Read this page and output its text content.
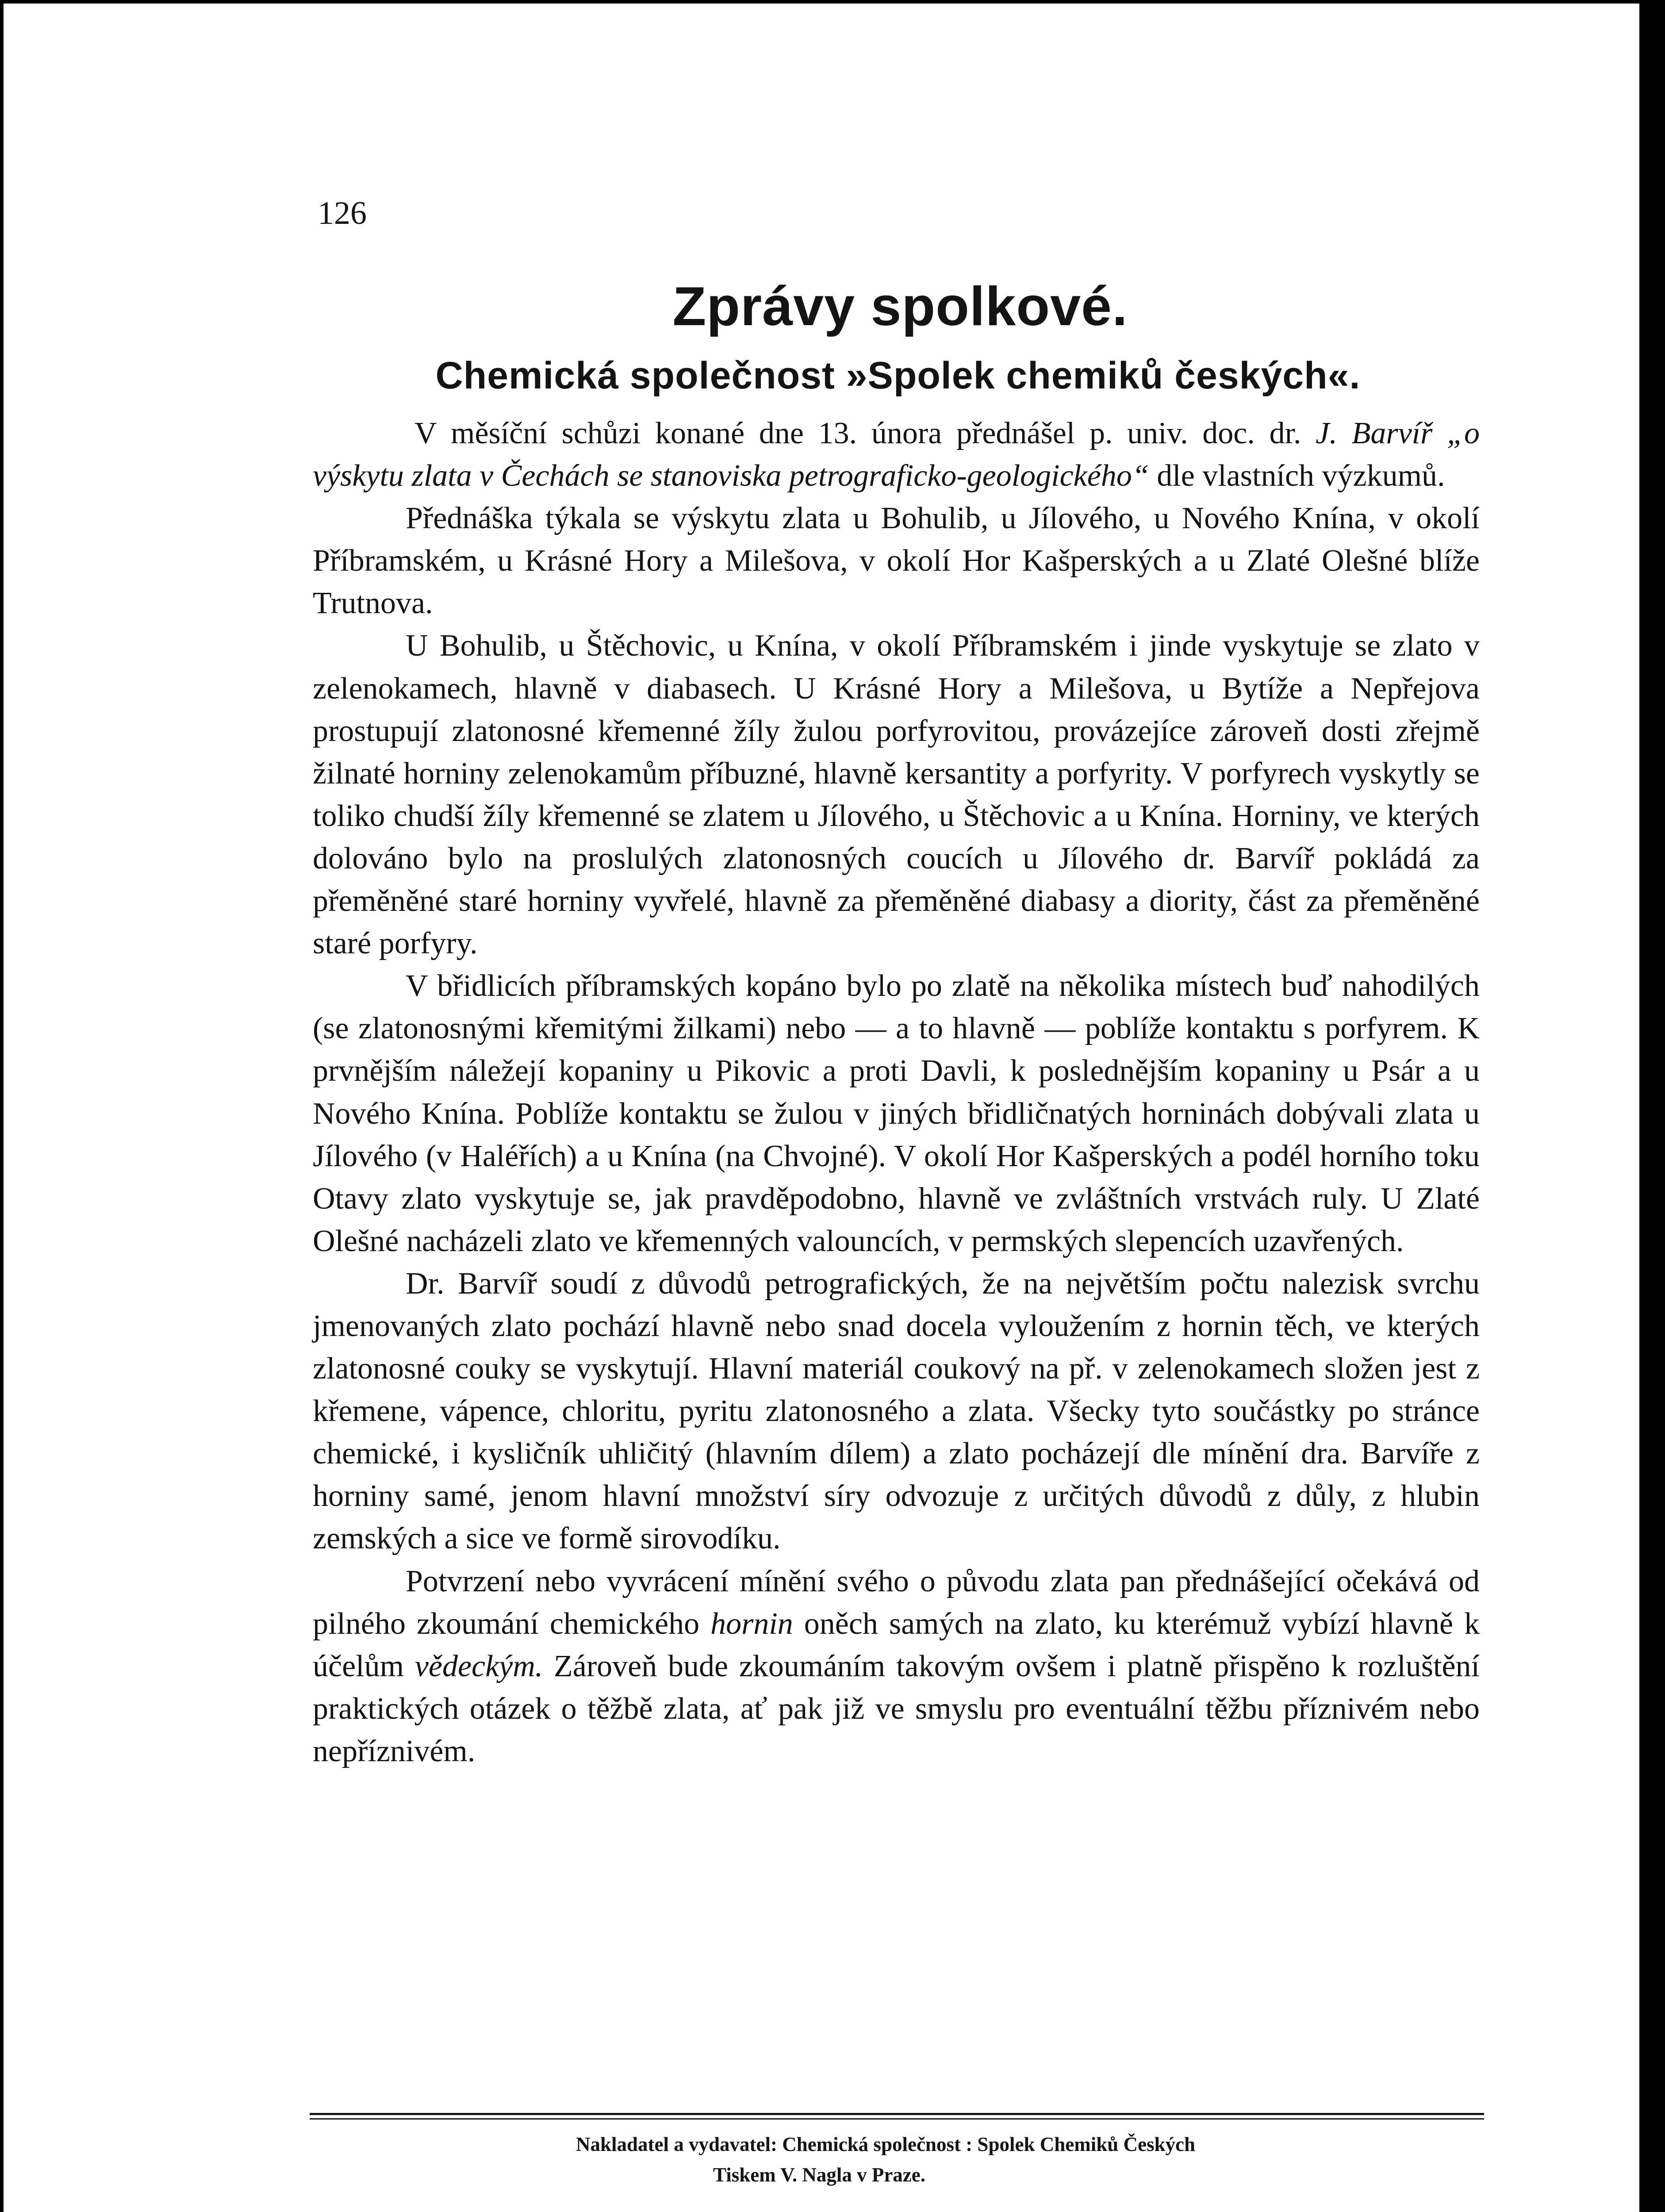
126
Zprávy spolkové.
Chemická společnost »Spolek chemiků českých«.

V měsíční schůzi konané dne 13. února přednášel p. univ. doc. dr. J. Barvíř „o výskytu zlata v Čechách se stanoviska petrograficko-geologického“ dle vlastních výzkumů.

Přednáška týkala se výskytu zlata u Bohulib, u Jílového, u Nového Knína, v okolí Příbramském, u Krásné Hory a Milešova, v okolí Hor Kašperských a u Zlaté Olešné blíže Trutnova.

U Bohulib, u Štěchovic, u Knína, v okolí Příbramském i jinde vyskytuje se zlato v zelenokamech, hlavně v diabasech. U Krásné Hory a Milešova, u Bytíže a Nepřejova prostupují zlatonosné křemenné žíly žulou porfyrovitou, provázejíce zároveň dosti zřejmě žilnaté horniny zelenokamům příbuzné, hlavně kersantity a porfyrity. V porfyrech vyskytly se toliko chudší žíly křemenné se zlatem u Jílového, u Štěchovic a u Knína. Horniny, ve kterých dolováno bylo na proslulých zlatonosných coucích u Jílového dr. Barvíř pokládá za přeměněné staré horniny vyvřelé, hlavně za přeměněné diabasy a diority, část za přeměněné staré porfyry.

V břidlicích příbramských kopáno bylo po zlatě na několika místech buď nahodilých (se zlatonosnými křemitými žilkami) nebo — a to hlavně — poblíže kontaktu s porfyrem. K prvnějším náležejí kopaniny u Pikovic a proti Davli, k poslednějším kopaniny u Psár a u Nového Knína. Poblíže kontaktu se žulou v jiných břidličnatých horninách dobývali zlata u Jílového (v Haléřích) a u Knína (na Chvojné). V okolí Hor Kašperských a podél horního toku Otavy zlato vyskytuje se, jak pravděpodobno, hlavně ve zvláštních vrstvách ruly. U Zlaté Olešné nacházeli zlato ve křemenných valouncích, v permských slepencích uzavřených.

Dr. Barvíř soudí z důvodů petrografických, že na největším počtu nalezisk svrchu jmenovaných zlato pochází hlavně nebo snad docela vyloužením z hornin těch, ve kterých zlatonosné couky se vyskytují. Hlavní materiál coukový na př. v zelenokamech složen jest z křemene, vápence, chloritu, pyritu zlatonosného a zlata. Všecky tyto součástky po stránce chemické, i kysličník uhličitý (hlavním dílem) a zlato pocházejí dle mínění dra. Barvíře z horniny samé, jenom hlavní množství síry odvozuje z určitých důvodů z důly, z hlubin zemských a sice ve formě sirovodíku.

Potvrzení nebo vyvrácení mínění svého o původu zlata pan přednášející očekává od pilného zkoumání chemického hornin oněch samých na zlato, ku kterémuž vybízí hlavně k účelům vědeckým. Zároveň bude zkoumáním takovým ovšem i platně přispěno k rozluštění praktických otázek o těžbě zlata, ať pak již ve smyslu pro eventuální těžbu příznivém nebo nepříznivém.

Nakladatel a vydavatel: Chemická společnost : Spolek Chemiků Českých
Tiskem V. Nagla v Praze.
